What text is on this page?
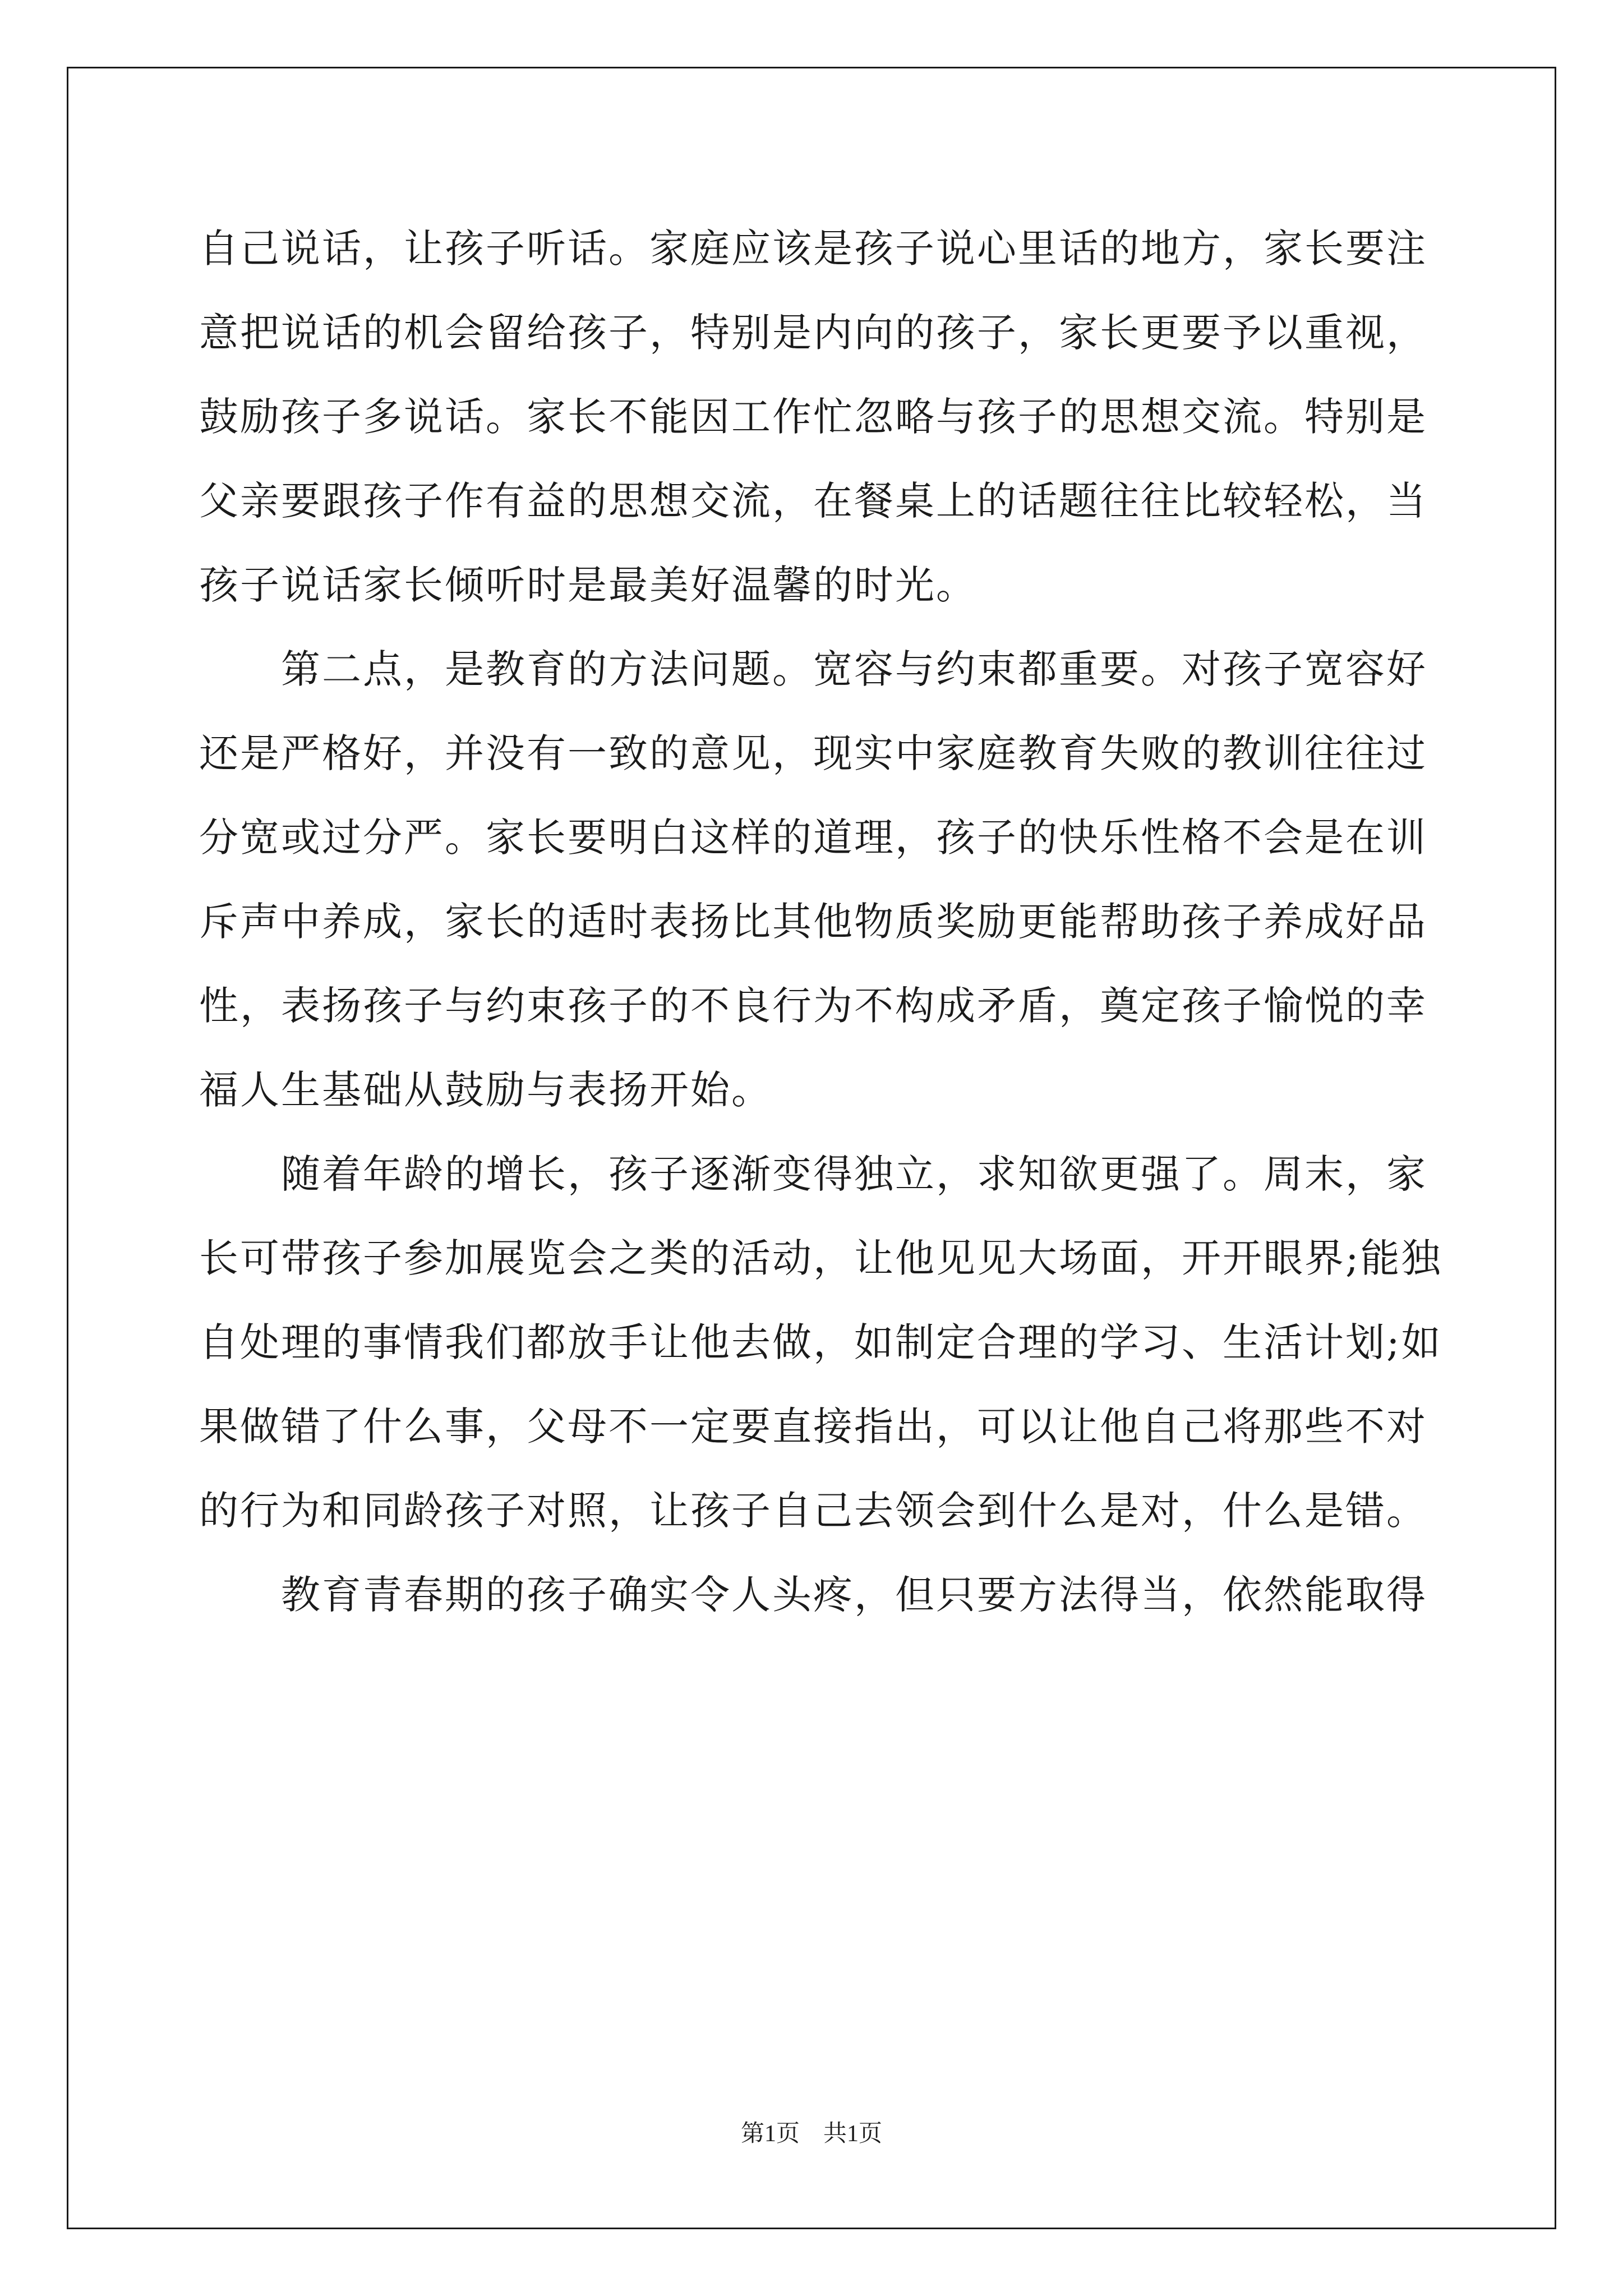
自己说话，让孩子听话。家庭应该是孩子说心里话的地方，家长要注
意把说话的机会留给孩子，特别是内向的孩子，家长更要予以重视，
鼓励孩子多说话。家长不能因工作忙忽略与孩子的思想交流。特别是
父亲要跟孩子作有益的思想交流，在餐桌上的话题往往比较轻松，当
孩子说话家长倾听时是最美好温馨的时光。
　　第二点，是教育的方法问题。宽容与约束都重要。对孩子宽容好
还是严格好，并没有一致的意见，现实中家庭教育失败的教训往往过
分宽或过分严。家长要明白这样的道理，孩子的快乐性格不会是在训
斥声中养成，家长的适时表扬比其他物质奖励更能帮助孩子养成好品
性，表扬孩子与约束孩子的不良行为不构成矛盾，奠定孩子愉悦的幸
福人生基础从鼓励与表扬开始。
　　随着年龄的增长，孩子逐渐变得独立，求知欲更强了。周末，家
长可带孩子参加展览会之类的活动，让他见见大场面，开开眼界;能独
自处理的事情我们都放手让他去做，如制定合理的学习、生活计划;如
果做错了什么事，父母不一定要直接指出，可以让他自己将那些不对
的行为和同龄孩子对照，让孩子自己去领会到什么是对，什么是错。
　　教育青春期的孩子确实令人头疼，但只要方法得当，依然能取得
第1页　共1页
